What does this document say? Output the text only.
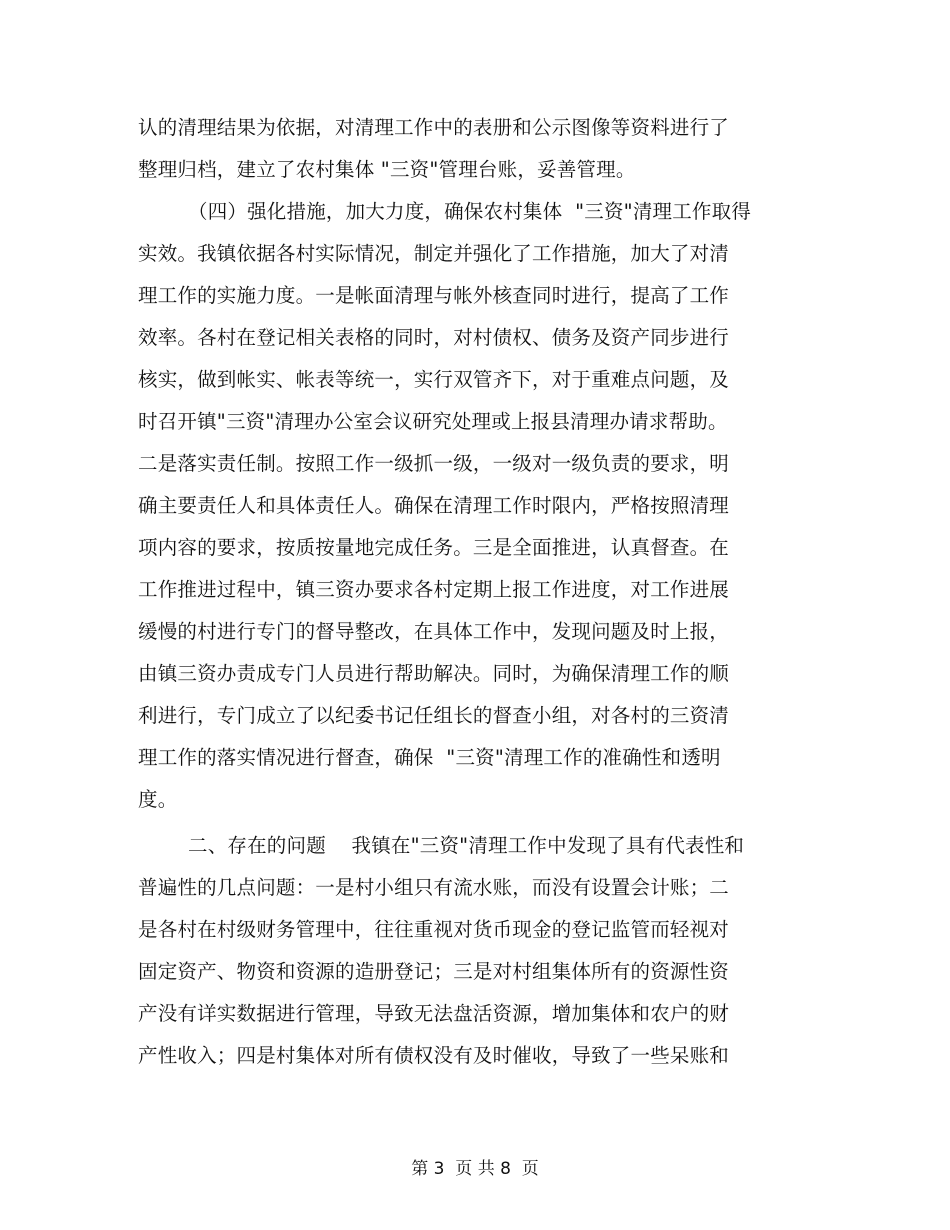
认的清理结果为依据，对清理工作中的表册和公示图像等资料进行了
整理归档，建立了农村集体 "三资"管理台账，妥善管理。
（四）强化措施，加大力度，确保农村集体  "三资"清理工作取得
实效。我镇依据各村实际情况，制定并强化了工作措施，加大了对清
理工作的实施力度。一是帐面清理与帐外核查同时进行，提高了工作
效率。各村在登记相关表格的同时，对村债权、债务及资产同步进行
核实，做到帐实、帐表等统一，实行双管齐下，对于重难点问题，及
时召开镇"三资"清理办公室会议研究处理或上报县清理办请求帮助。
二是落实责任制。按照工作一级抓一级，一级对一级负责的要求，明
确主要责任人和具体责任人。确保在清理工作时限内，严格按照清理
项内容的要求，按质按量地完成任务。三是全面推进，认真督查。在
工作推进过程中，镇三资办要求各村定期上报工作进度，对工作进展
缓慢的村进行专门的督导整改，在具体工作中，发现问题及时上报，
由镇三资办责成专门人员进行帮助解决。同时，为确保清理工作的顺
利进行，专门成立了以纪委书记任组长的督查小组，对各村的三资清
理工作的落实情况进行督查，确保  "三资"清理工作的准确性和透明
度。
二、存在的问题    我镇在"三资"清理工作中发现了具有代表性和
普遍性的几点问题：一是村小组只有流水账，而没有设置会计账；二
是各村在村级财务管理中，往往重视对货币现金的登记监管而轻视对
固定资产、物资和资源的造册登记；三是对村组集体所有的资源性资
产没有详实数据进行管理，导致无法盘活资源，增加集体和农户的财
产性收入；四是村集体对所有债权没有及时催收，导致了一些呆账和
第 3  页 共 8  页
